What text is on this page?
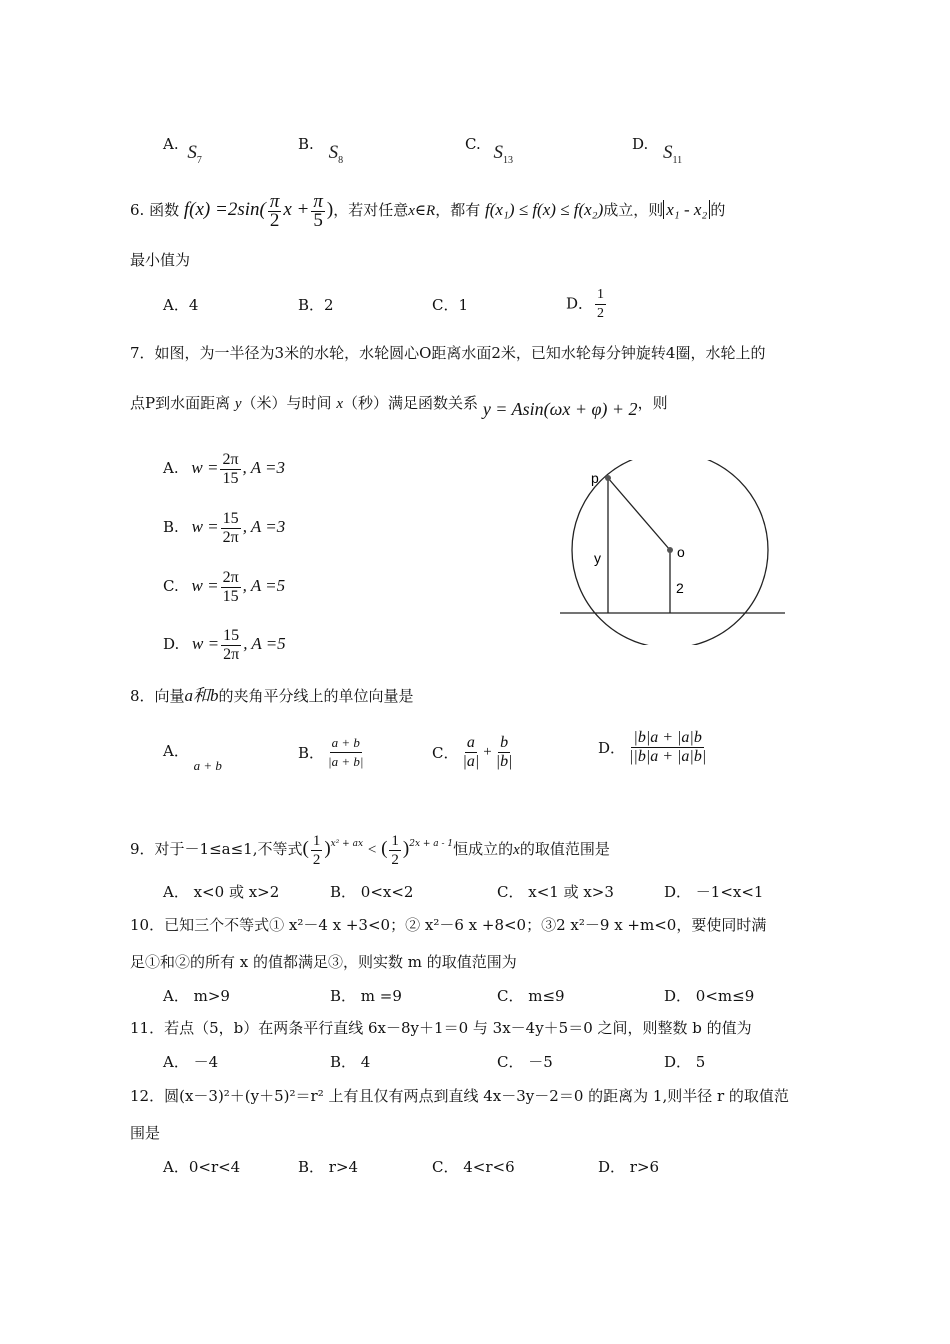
A. $S_7$
B. $S_8$
C. $S_{13}$
D. $S_{11}$
6. 函数 $f(x) =2\sin( \frac{\pi}{2}$ $x + \frac{\pi}{5}$ )，若对任意x∈R，都有 f(x₁) ≤ f(x) ≤ f(x₂)成立，则 x₁ - x₂ 的
最小值为
A．4	B．2	C．1	D． $\frac{1}{2}$
7．如图，为一半径为3米的水轮，水轮圆心O距离水面2米，已知水轮每分钟旋转4圈，水轮上的
点P到水面距离 y（米）与时间 x（秒）满足函数关系 y = Asin(ωx + φ) + 2，则
A. $w = \frac{2\pi}{15}$ , A =3
B. $w = \frac{15}{2\pi}$ , A =3
C. $w = \frac{2\pi}{15}$ , A =5
D. $w = \frac{15}{2\pi}$ , A =5
p
o
y
2
8．向量a和b的夹角平分线上的单位向量是
A． a + b
B． $\frac{a + b}{|a + b|}$	C． $\frac{a}{|a|} + \frac{b}{|b|}$	D． $\frac{|b|a + |a|b}{||b|a + |a|b|}$
9．对于－1≤a≤1,不等式( $\frac{1}{2} )^{x^2 + ax}$ < ( $\frac{1}{2} )^{2x + a - 1}$恒成立的x的取值范围是
A． x<0 或 x>2	B． 0<x<2	C． x<1 或 x>3	D． －1<x<1
10．已知三个不等式① x²－4 x +3<0；② x²－6 x +8<0；③2 x²－9 x +m<0，要使同时满
足①和②的所有 x 的值都满足③，则实数 m 的取值范围为
A． m>9	B． m =9	C． m≤9	D． 0<m≤9
11．若点（5，b）在两条平行直线 6x－8y＋1＝0 与 3x－4y＋5＝0 之间，则整数 b 的值为
A． －4	B． 4	C． －5	D． 5
12．圆(x－3)²＋(y＋5)²＝r² 上有且仅有两点到直线 4x－3y－2＝0 的距离为 1,则半径 r 的取值范
围是
A．0<r<4	B． r>4	C． 4<r<6	D． r>6
